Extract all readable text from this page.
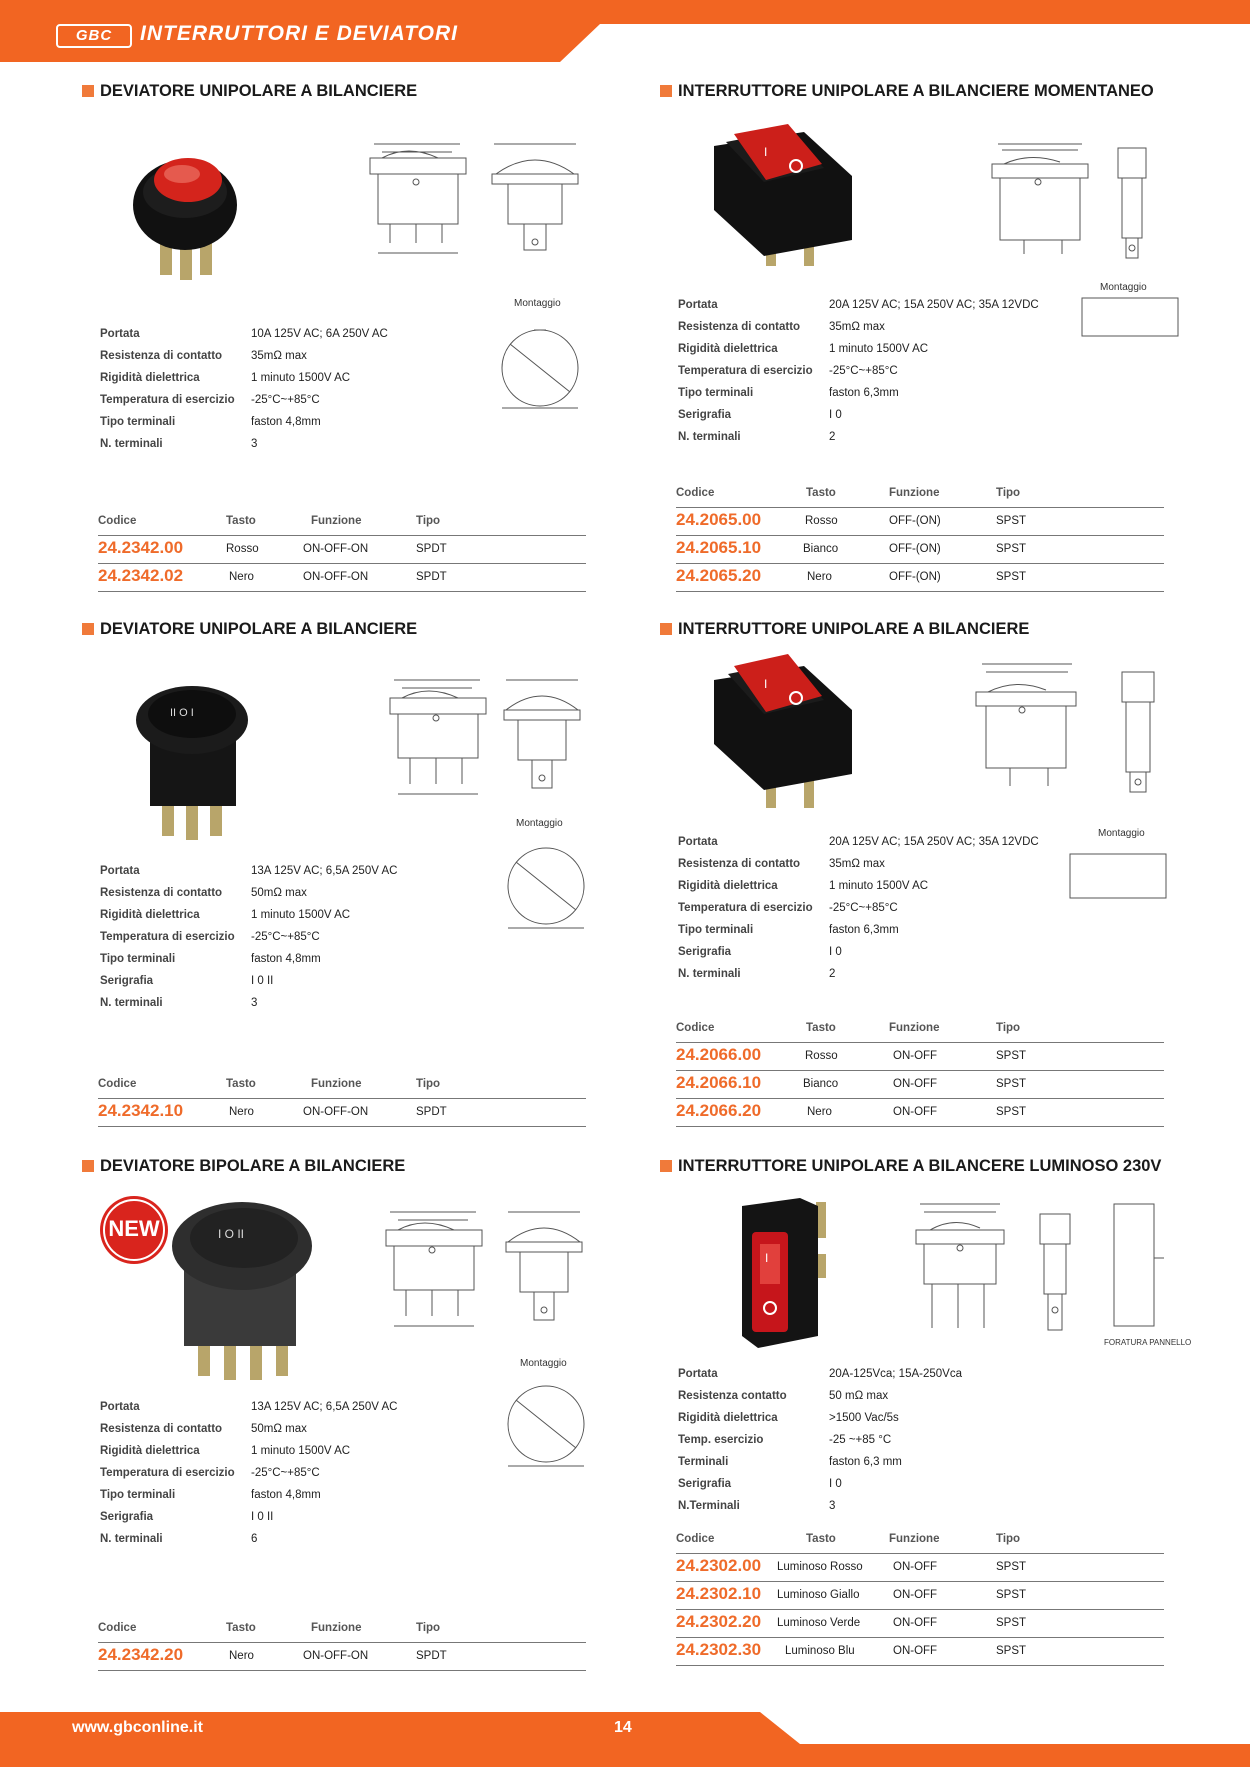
GBC	INTERRUTTORI E DEVIATORI
DEVIATORE UNIPOLARE A BILANCIERE
Montaggio
Portata	10A 125V AC; 6A 250V AC
Resistenza di contatto	35mΩ max
Rigidità dielettrica	1 minuto 1500V AC
Temperatura di esercizio -25°C~+85°C
Tipo terminali	faston 4,8mm
N. terminali	3
Codice	Tasto	Funzione	Tipo
24.2342.00	Rosso	ON-OFF-ON	SPDT
24.2342.02	Nero	ON-OFF-ON	SPDT
INTERRUTTORE UNIPOLARE A BILANCIERE MOMENTANEO
I
Montaggio
Portata	20A 125V AC; 15A 250V AC; 35A 12VDC
Resistenza di contatto	35mΩ max
Rigidità dielettrica	1 minuto 1500V AC
Temperatura di esercizio -25°C~+85°C
Tipo terminali	faston 6,3mm
Serigrafia	I 0
N. terminali	2
Codice	Tasto	Funzione	Tipo
24.2065.00	Rosso	OFF-(ON)	SPST
24.2065.10	Bianco	OFF-(ON)	SPST
24.2065.20	Nero	OFF-(ON)	SPST
DEVIATORE UNIPOLARE A BILANCIERE
II O I
Montaggio
Portata	13A 125V AC; 6,5A 250V AC
Resistenza di contatto	50mΩ max
Rigidità dielettrica	1 minuto 1500V AC
Temperatura di esercizio -25°C~+85°C
Tipo terminali	faston 4,8mm
Serigrafia	I 0 II
N. terminali	3
Codice	Tasto	Funzione	Tipo
24.2342.10	Nero	ON-OFF-ON	SPDT
INTERRUTTORE UNIPOLARE A BILANCIERE
I
Montaggio
Portata	20A 125V AC; 15A 250V AC; 35A 12VDC
Resistenza di contatto	35mΩ max
Rigidità dielettrica	1 minuto 1500V AC
Temperatura di esercizio -25°C~+85°C
Tipo terminali	faston 6,3mm
Serigrafia	I 0
N. terminali	2
Codice	Tasto	Funzione	Tipo
24.2066.00	Rosso	ON-OFF	SPST
24.2066.10	Bianco	ON-OFF	SPST
24.2066.20	Nero	ON-OFF	SPST
DEVIATORE BIPOLARE A BILANCIERE
NEW	I O II
Montaggio
Portata	13A 125V AC; 6,5A 250V AC
Resistenza di contatto	50mΩ max
Rigidità dielettrica	1 minuto 1500V AC
Temperatura di esercizio -25°C~+85°C
Tipo terminali	faston 4,8mm
Serigrafia	I 0 II
N. terminali	6
Codice	Tasto	Funzione	Tipo
24.2342.20	Nero	ON-OFF-ON	SPDT
INTERRUTTORE UNIPOLARE A BILANCERE LUMINOSO 230V
I
FORATURA PANNELLO
Portata	20A-125Vca; 15A-250Vca
Resistenza contatto	50 mΩ max
Rigidità dielettrica	>1500 Vac/5s
Temp. esercizio	-25 ~+85 °C
Terminali	faston 6,3 mm
Serigrafia	I 0
N.Terminali	3
Codice	Tasto	Funzione	Tipo
24.2302.00 Luminoso Rosso	ON-OFF	SPST
24.2302.10 Luminoso Giallo	ON-OFF	SPST
24.2302.20 Luminoso Verde	ON-OFF	SPST
24.2302.30 Luminoso Blu	ON-OFF	SPST
www.gbconline.it	14
